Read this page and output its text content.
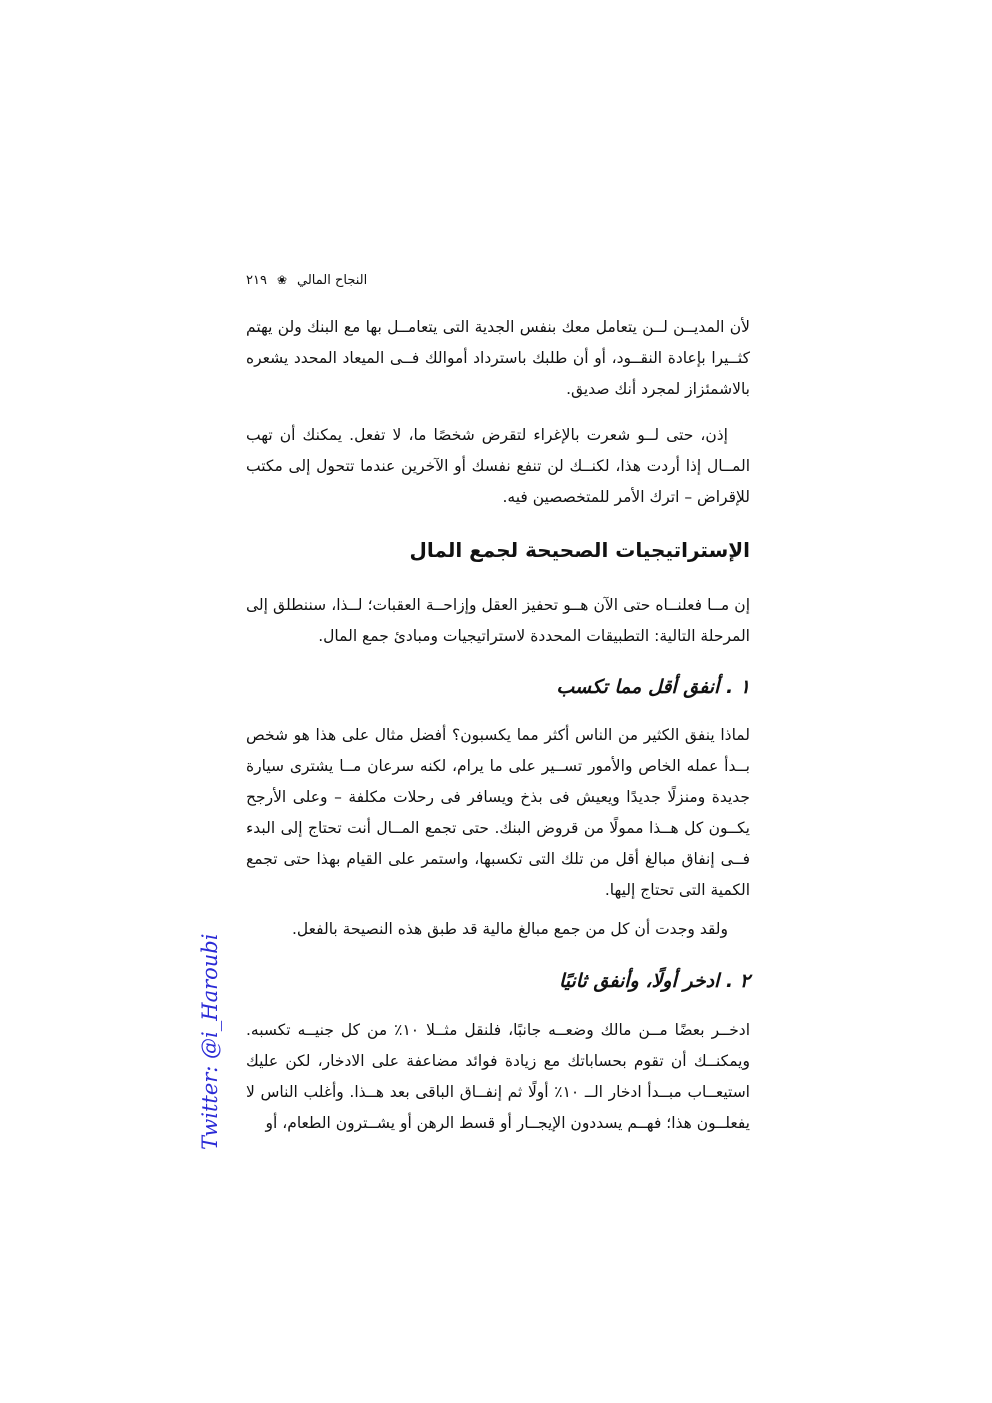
٢١٩ ❀ النجاح المالي

لأن المديــن لــن يتعامل معك بنفس الجدية التى يتعامــل بها مع البنك ولن يهتم كثــيرا بإعادة النقــود، أو أن طلبك باسترداد أموالك فــى الميعاد المحدد يشعره بالاشمئزاز لمجرد أنك صديق.

إذن، حتى لــو شعرت بالإغراء لتقرض شخصًا ما، لا تفعل. يمكنك أن تهب المــال إذا أردت هذا، لكنــك لن تنفع نفسك أو الآخرين عندما تتحول إلى مكتب للإقراض – اترك الأمر للمتخصصين فيه.

الإستراتيجيات الصحيحة لجمع المال

إن مــا فعلنــاه حتى الآن هــو تحفيز العقل وإزاحــة العقبات؛ لــذا، سننطلق إلى المرحلة التالية: التطبيقات المحددة لاستراتيجيات ومبادئ جمع المال.

١ . أنفق أقل مما تكسب

لماذا ينفق الكثير من الناس أكثر مما يكسبون؟ أفضل مثال على هذا هو شخص بــدأ عمله الخاص والأمور تســير على ما يرام، لكنه سرعان مــا يشترى سيارة جديدة ومنزلًا جديدًا ويعيش فى بذخ ويسافر فى رحلات مكلفة – وعلى الأرجح يكــون كل هــذا ممولًا من قروض البنك. حتى تجمع المــال أنت تحتاج إلى البدء فــى إنفاق مبالغ أقل من تلك التى تكسبها، واستمر على القيام بهذا حتى تجمع الكمية التى تحتاج إليها.

ولقد وجدت أن كل من جمع مبالغ مالية قد طبق هذه النصيحة بالفعل.

٢ . ادخر أولًا، وأنفق ثانيًا

ادخــر بعضًا مــن مالك وضعــه جانبًا، فلنقل مثــلا ١٠٪ من كل جنيــه تكسبه. ويمكنــك أن تقوم بحساباتك مع زيادة فوائد مضاعفة على الادخار، لكن عليك استيعــاب مبــدأ ادخار الــ ١٠٪ أولًا ثم إنفــاق الباقى بعد هــذا. وأغلب الناس لا يفعلــون هذا؛ فهــم يسددون الإيجــار أو قسط الرهن أو يشــترون الطعام، أو

Twitter: @i_Haroubi
